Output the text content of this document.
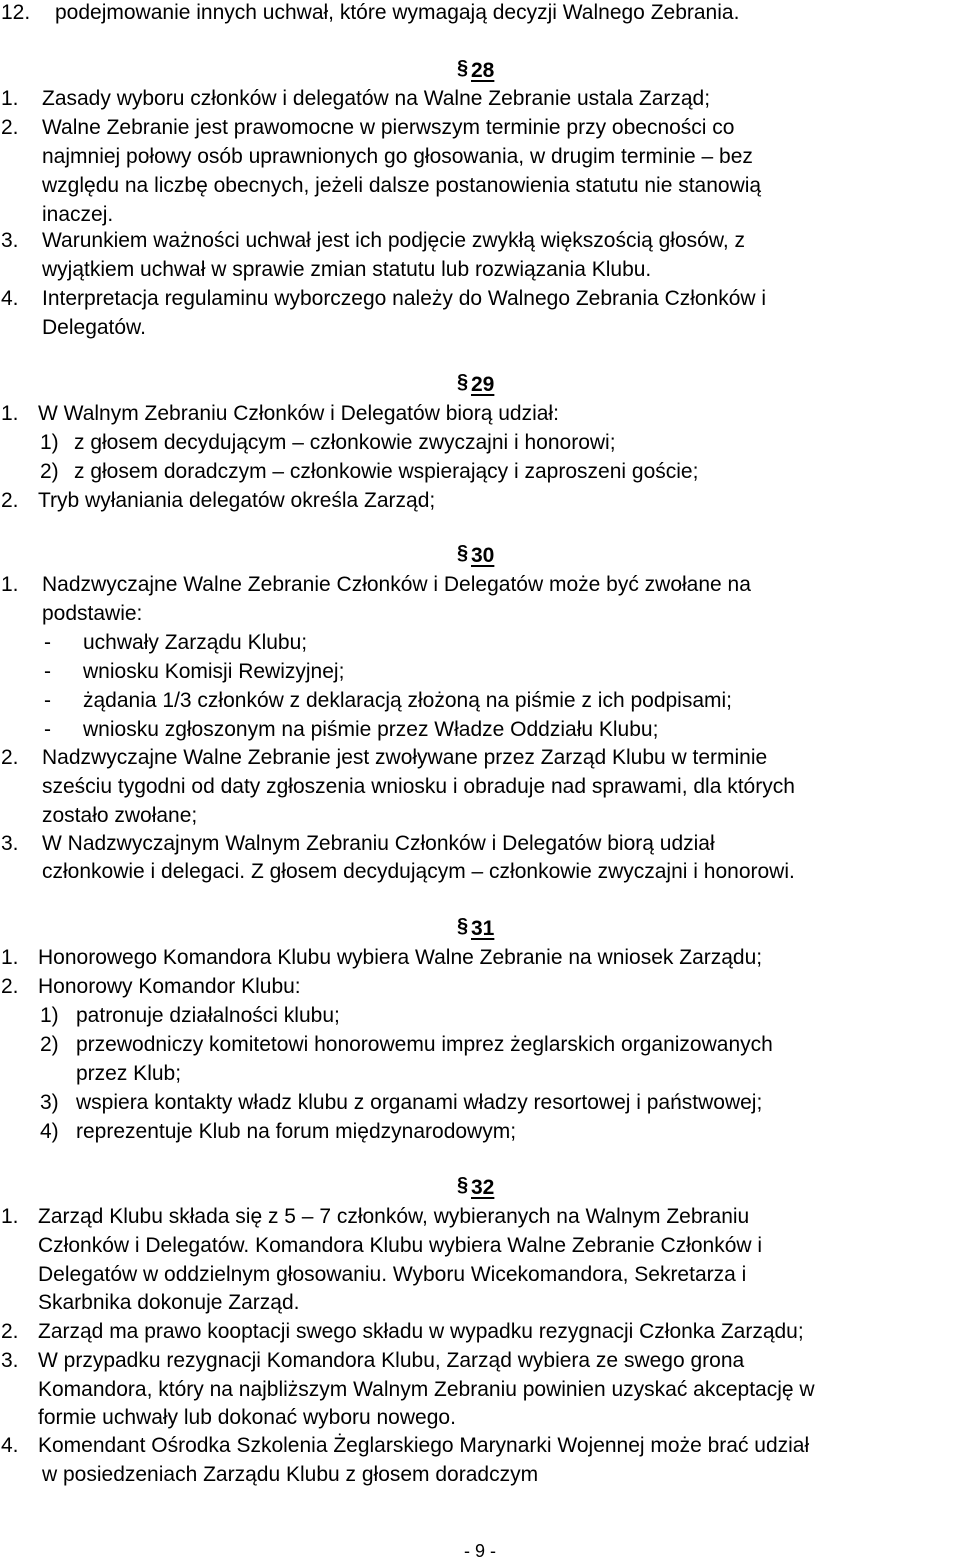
12. podejmowanie innych uchwał, które wymagają decyzji Walnego Zebrania.
§
28
1. Zasady wyboru członków i delegatów na Walne Zebranie ustala Zarząd;
2. Walne Zebranie jest prawomocne w pierwszym terminie przy obecności co
najmniej połowy osób uprawnionych go głosowania, w drugim terminie – bez
względu na liczbę obecnych, jeżeli dalsze postanowienia statutu nie stanowią
inaczej.
3. Warunkiem ważności uchwał jest ich podjęcie zwykłą większością głosów, z
wyjątkiem uchwał w sprawie zmian statutu lub rozwiązania Klubu.
4. Interpretacja regulaminu wyborczego należy do Walnego Zebrania Członków i
Delegatów.
§
29
1. W Walnym Zebraniu Członków i Delegatów biorą udział:
1) z głosem decydującym – członkowie zwyczajni i honorowi;
2) z głosem doradczym – członkowie wspierający i zaproszeni goście;
2. Tryb wyłaniania delegatów określa Zarząd;
§
30
1. Nadzwyczajne Walne Zebranie Członków i Delegatów może być zwołane na
podstawie:
- uchwały Zarządu Klubu;
- wniosku Komisji Rewizyjnej;
- żądania 1/3 członków z deklaracją złożoną na piśmie z ich podpisami;
- wniosku zgłoszonym na piśmie przez Władze Oddziału Klubu;
2. Nadzwyczajne Walne Zebranie jest zwoływane przez Zarząd Klubu w terminie
sześciu tygodni od daty zgłoszenia wniosku i obraduje nad sprawami, dla których
zostało zwołane;
3. W Nadzwyczajnym Walnym Zebraniu Członków i Delegatów biorą udział
członkowie i delegaci. Z głosem decydującym – członkowie zwyczajni i honorowi.
§
31
1. Honorowego Komandora Klubu wybiera Walne Zebranie na wniosek Zarządu;
2. Honorowy Komandor Klubu:
1) patronuje działalności klubu;
2) przewodniczy komitetowi honorowemu imprez żeglarskich organizowanych
przez Klub;
3) wspiera kontakty władz klubu z organami władzy resortowej i państwowej;
4) reprezentuje Klub na forum międzynarodowym;
§
32
1. Zarząd Klubu składa się z 5 – 7 członków, wybieranych na Walnym Zebraniu
Członków i Delegatów. Komandora Klubu wybiera Walne Zebranie Członków i
Delegatów w oddzielnym głosowaniu. Wyboru Wicekomandora, Sekretarza i
Skarbnika dokonuje Zarząd.
2. Zarząd ma prawo kooptacji swego składu w wypadku rezygnacji Członka Zarządu;
3. W przypadku rezygnacji Komandora Klubu, Zarząd wybiera ze swego grona
Komandora, który na najbliższym Walnym Zebraniu powinien uzyskać akceptację w
formie uchwały lub dokonać wyboru nowego.
4. Komendant Ośrodka Szkolenia Żeglarskiego Marynarki Wojennej może brać udział
w posiedzeniach Zarządu Klubu z głosem doradczym
- 9 -
